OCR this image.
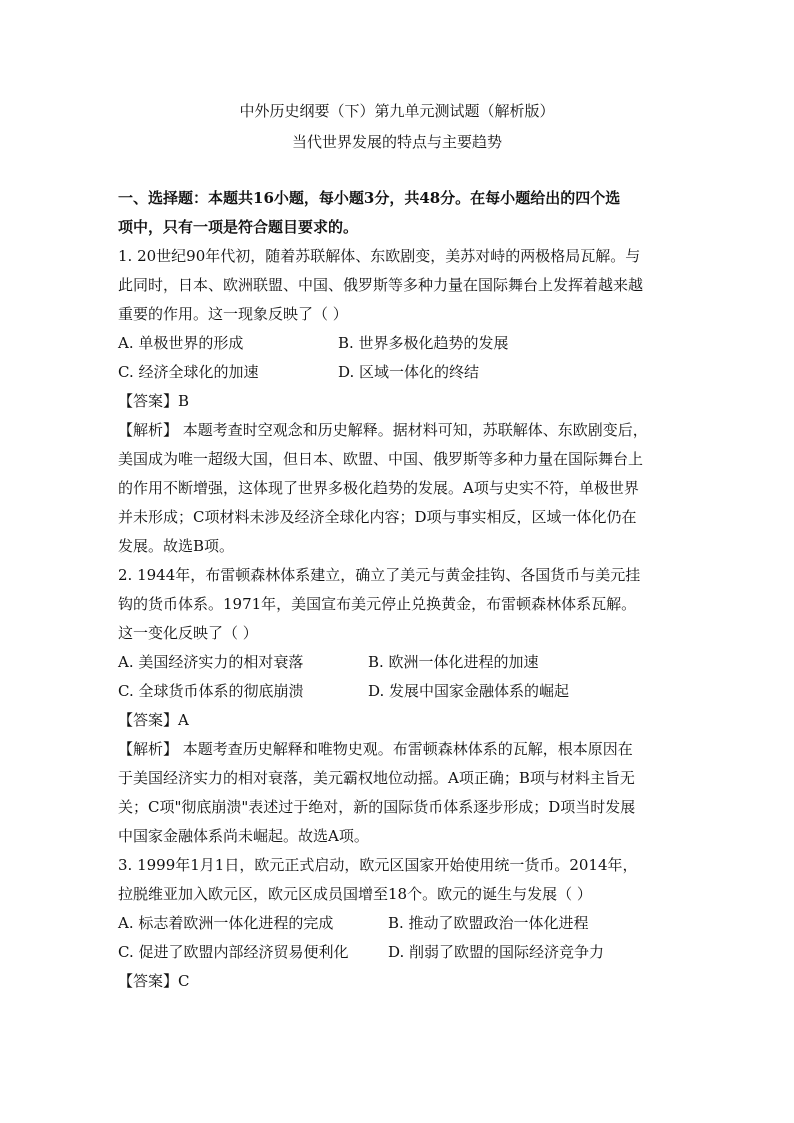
中外历史纲要（下）第九单元测试题（解析版）
当代世界发展的特点与主要趋势
一、选择题：本题共16小题，每小题3分，共48分。在每小题给出的四个选
项中，只有一项是符合题目要求的。
1. 20世纪90年代初，随着苏联解体、东欧剧变，美苏对峙的两极格局瓦解。与
此同时，日本、欧洲联盟、中国、俄罗斯等多种力量在国际舞台上发挥着越来越
重要的作用。这一现象反映了（ ）
A. 单极世界的形成	B. 世界多极化趋势的发展
C. 经济全球化的加速	D. 区域一体化的终结
【答案】B
【解析】 本题考查时空观念和历史解释。据材料可知，苏联解体、东欧剧变后，
美国成为唯一超级大国，但日本、欧盟、中国、俄罗斯等多种力量在国际舞台上
的作用不断增强，这体现了世界多极化趋势的发展。A项与史实不符，单极世界
并未形成；C项材料未涉及经济全球化内容；D项与事实相反，区域一体化仍在
发展。故选B项。
2. 1944年，布雷顿森林体系建立，确立了美元与黄金挂钩、各国货币与美元挂
钩的货币体系。1971年，美国宣布美元停止兑换黄金，布雷顿森林体系瓦解。
这一变化反映了（ ）
A. 美国经济实力的相对衰落	B. 欧洲一体化进程的加速
C. 全球货币体系的彻底崩溃	D. 发展中国家金融体系的崛起
【答案】A
【解析】 本题考查历史解释和唯物史观。布雷顿森林体系的瓦解，根本原因在
于美国经济实力的相对衰落，美元霸权地位动摇。A项正确；B项与材料主旨无
关；C项"彻底崩溃"表述过于绝对，新的国际货币体系逐步形成；D项当时发展
中国家金融体系尚未崛起。故选A项。
3. 1999年1月1日，欧元正式启动，欧元区国家开始使用统一货币。2014年，
拉脱维亚加入欧元区，欧元区成员国增至18个。欧元的诞生与发展（ ）
A. 标志着欧洲一体化进程的完成	B. 推动了欧盟政治一体化进程
C. 促进了欧盟内部经济贸易便利化	D. 削弱了欧盟的国际经济竞争力
【答案】C
